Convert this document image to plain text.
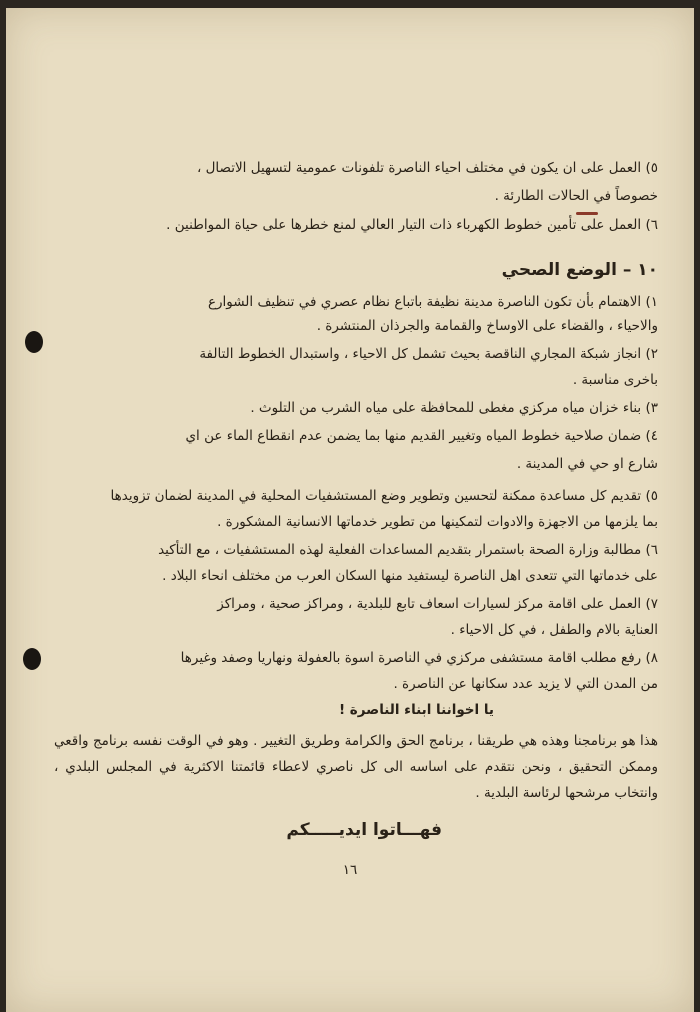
٥) العمل على ان يكون في مختلف احياء الناصرة تلفونات عمومية لتسهيل الاتصال ،
خصوصاً في الحالات الطارئة .
٦) العمل على تأمين خطوط الكهرباء ذات التيار العالي لمنع خطرها على حياة المواطنين .
١٠ – الوضع الصحي
١) الاهتمام بأن تكون الناصرة مدينة نظيفة باتباع نظام عصري في تنظيف الشوارع
والاحياء ، والقضاء على الاوساخ والقمامة والجرذان المنتشرة .
٢) انجاز شبكة المجاري الناقصة بحيث تشمل كل الاحياء ، واستبدال الخطوط التالفة
باخرى مناسبة .
٣) بناء خزان مياه مركزي مغطى للمحافظة على مياه الشرب من التلوث .
٤) ضمان صلاحية خطوط المياه وتغيير القديم منها بما يضمن عدم انقطاع الماء عن اي
شارع او حي في المدينة .
٥) تقديم كل مساعدة ممكنة لتحسين وتطوير وضع المستشفيات المحلية في المدينة لضمان تزويدها
بما يلزمها من الاجهزة والادوات لتمكينها من تطوير خدماتها الانسانية المشكورة .
٦) مطالبة وزارة الصحة باستمرار بتقديم المساعدات الفعلية لهذه المستشفيات ، مع التأكيد
على خدماتها التي تتعدى اهل الناصرة ليستفيد منها السكان العرب من مختلف انحاء البلاد .
٧) العمل على اقامة مركز لسيارات اسعاف تابع للبلدية ، ومراكز صحية ، ومراكز
العناية بالام والطفل ، في كل الاحياء .
٨) رفع مطلب اقامة مستشفى مركزي في الناصرة اسوة بالعفولة ونهاريا وصفد وغيرها
من المدن التي لا يزيد عدد سكانها عن الناصرة .
يا اخواننا ابناء الناصرة !
هذا هو برنامجنا وهذه هي طريقنا ، برنامج الحق والكرامة وطريق التغيير . وهو في الوقت نفسه برنامج واقعي وممكن التحقيق ، ونحن نتقدم على اساسه الى كل ناصري لاعطاء قائمتنا الاكثرية في المجلس البلدي ، وانتخاب مرشحها لرئاسة البلدية .
فهـــاتوا ايديـــــكم
١٦
